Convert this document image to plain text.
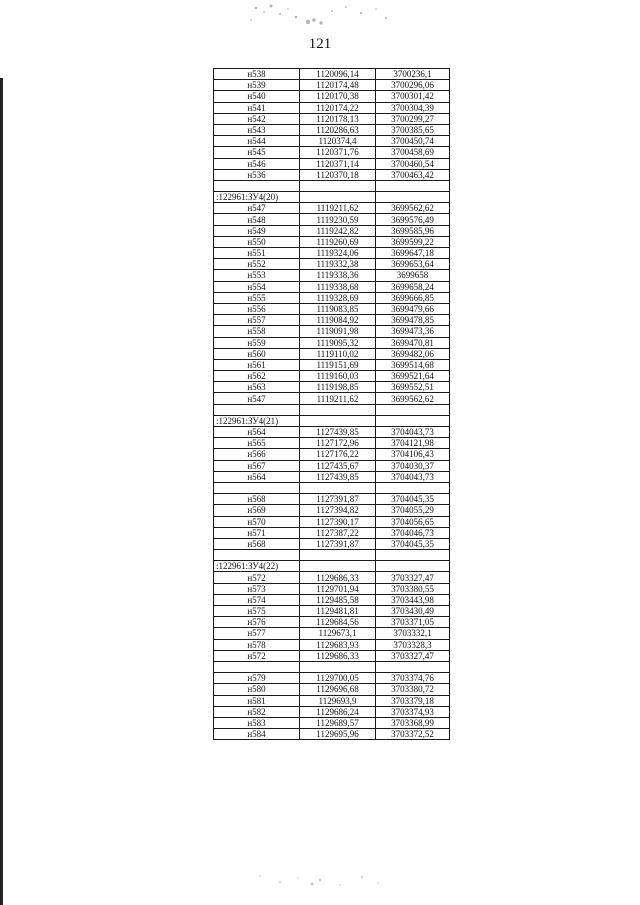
121
н538	1120096,14	3700236,1
н539	1120174,48	3700296,06
н540	1120170,38	3700301,42
н541	1120174,22	3700304,39
н542	1120178,13	3700299,27
н543	1120286,63	3700385,65
н544	1120374,4	3700450,74
н545	1120371,76	3700458,69
н546	1120371,14	3700460,54
н536	1120370,18	3700463,42

:122961:ЗУ4(20)		
н547	1119211,62	3699562,62
н548	1119230,59	3699576,49
н549	1119242,82	3699585,96
н550	1119260,69	3699599,22
н551	1119324,06	3699647,18
н552	1119332,38	3699653,64
н553	1119338,36	3699658
н554	1119338,68	3699658,24
н555	1119328,69	3699666,85
н556	1119083,85	3699479,66
н557	1119084,92	3699478,85
н558	1119091,98	3699473,36
н559	1119095,32	3699470,81
н560	1119110,02	3699482,06
н561	1119151,69	3699514,68
н562	1119160,03	3699521,64
н563	1119198,85	3699552,51
н547	1119211,62	3699562,62

:122961:ЗУ4(21)		
н564	1127439,85	3704043,73
н565	1127172,96	3704121,98
н566	1127176,22	3704106,43
н567	1127435,67	3704030,37
н564	1127439,85	3704043,73

н568	1127391,87	3704045,35
н569	1127394,82	3704055,29
н570	1127390,17	3704056,65
н571	1127387,22	3704046,73
н568	1127391,87	3704045,35

:122961:ЗУ4(22)		
н572	1129686,33	3703327,47
н573	1129701,94	3703380,55
н574	1129485,58	3703443,98
н575	1129481,81	3703430,49
н576	1129684,56	3703371,05
н577	1129673,1	3703332,1
н578	1129683,93	3703328,3
н572	1129686,33	3703327,47

н579	1129700,05	3703374,76
н580	1129696,68	3703380,72
н581	1129693,9	3703379,18
н582	1129686,24	3703374,93
н583	1129689,57	3703368,99
н584	1129695,96	3703372,52
